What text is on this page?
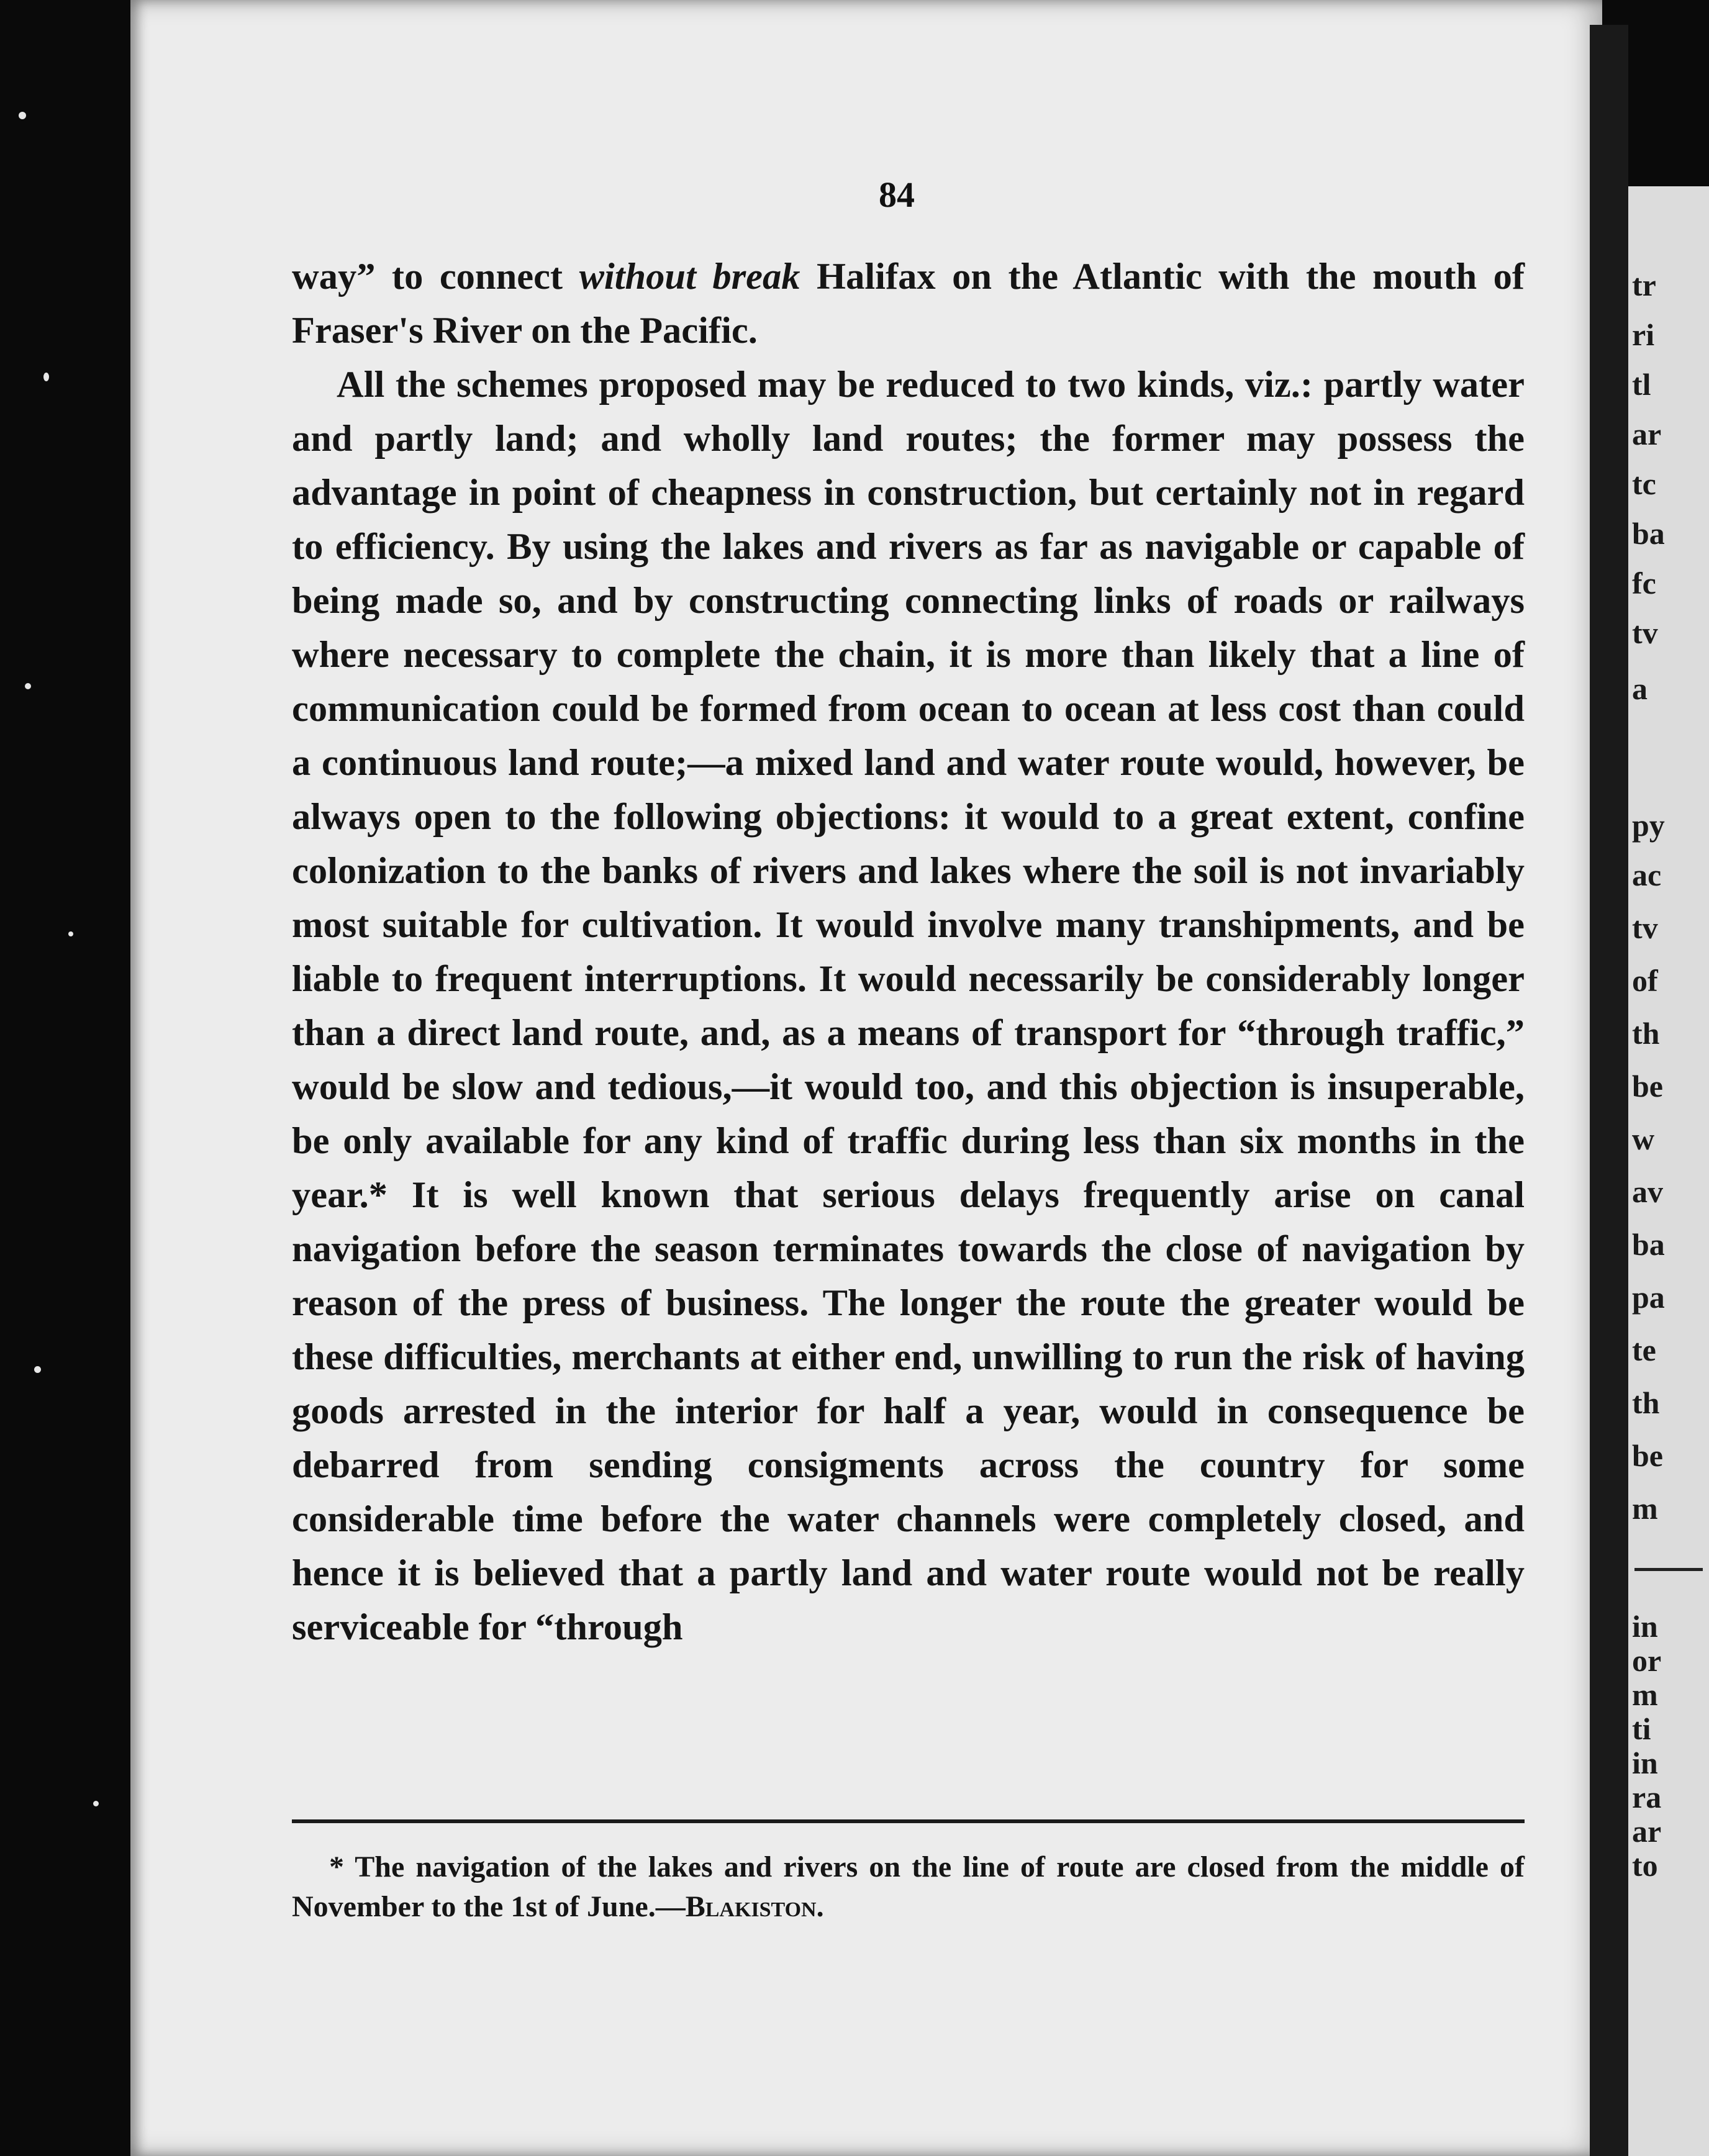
tr
ri
tl
ar
tc
ba
fc
tv
a
py
ac
tv
of
th
be
w
av
ba
pa
te
th
be
m
in
or
m
ti
in
ra
ar
to
84

way” to connect without break Halifax on the Atlantic with the mouth of Fraser's River on the Pacific.

All the schemes proposed may be reduced to two kinds, viz.: partly water and partly land; and wholly land routes; the former may possess the advantage in point of cheapness in construction, but certainly not in regard to efficiency. By using the lakes and rivers as far as navigable or capable of being made so, and by constructing connecting links of roads or railways where necessary to complete the chain, it is more than likely that a line of communication could be formed from ocean to ocean at less cost than could a continuous land route;—a mixed land and water route would, however, be always open to the following objections: it would to a great extent, confine colonization to the banks of rivers and lakes where the soil is not invariably most suitable for cultivation. It would involve many transhipments, and be liable to frequent interruptions. It would necessarily be considerably longer than a direct land route, and, as a means of transport for “through traffic,” would be slow and tedious,—it would too, and this objection is insuperable, be only available for any kind of traffic during less than six months in the year.* It is well known that serious delays frequently arise on canal navigation before the season terminates towards the close of navigation by reason of the press of business. The longer the route the greater would be these difficulties, merchants at either end, unwilling to run the risk of having goods arrested in the interior for half a year, would in consequence be debarred from sending consigments across the country for some considerable time before the water channels were completely closed, and hence it is believed that a partly land and water route would not be really serviceable for “through

* The navigation of the lakes and rivers on the line of route are closed from the middle of November to the 1st of June.—Blakiston.
